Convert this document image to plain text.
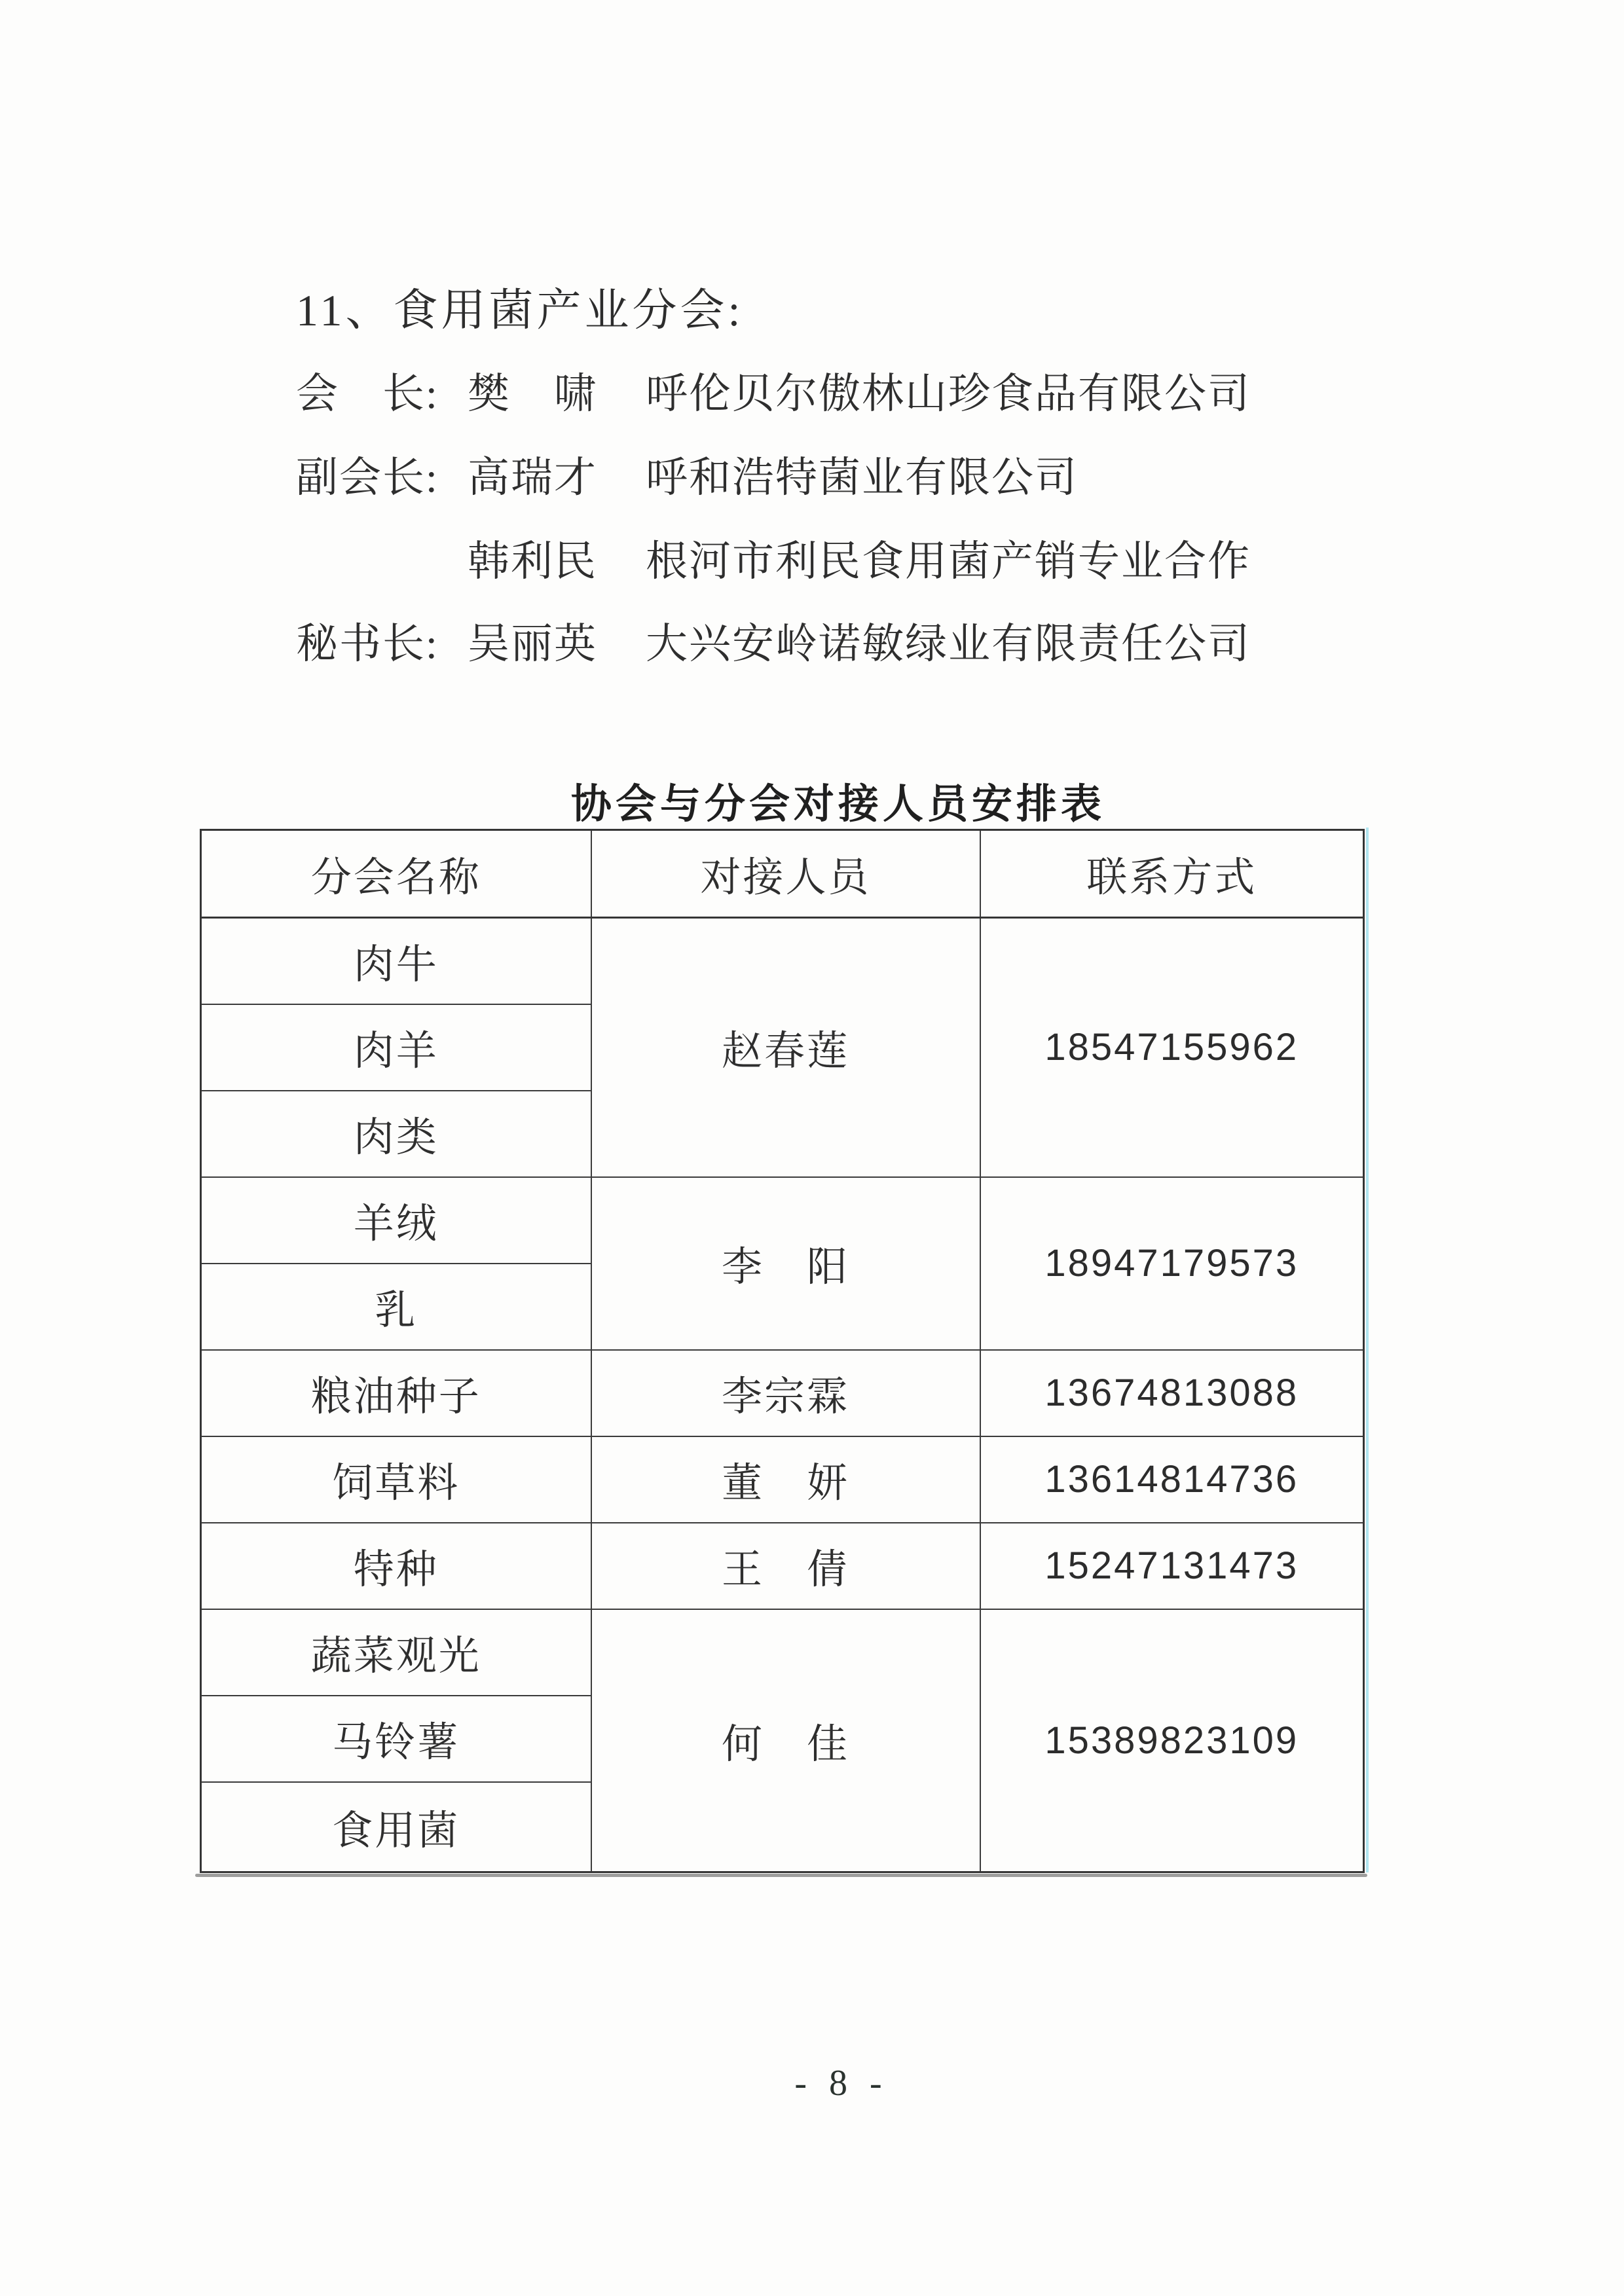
11、食用菌产业分会:
会　长: 樊　啸 呼伦贝尔傲林山珍食品有限公司
副会长: 高瑞才 呼和浩特菌业有限公司
韩利民 根河市利民食用菌产销专业合作
秘书长: 吴丽英 大兴安岭诺敏绿业有限责任公司
协会与分会对接人员安排表
分会名称	对接人员	联系方式
肉牛	赵春莲	18547155962
肉羊		
肉类		
羊绒	李　阳	18947179573
乳		
粮油种子	李宗霖	13674813088
饲草料	董　妍	13614814736
特种	王　倩	15247131473
蔬菜观光	何　佳	15389823109
马铃薯		
食用菌		
- 8 -
